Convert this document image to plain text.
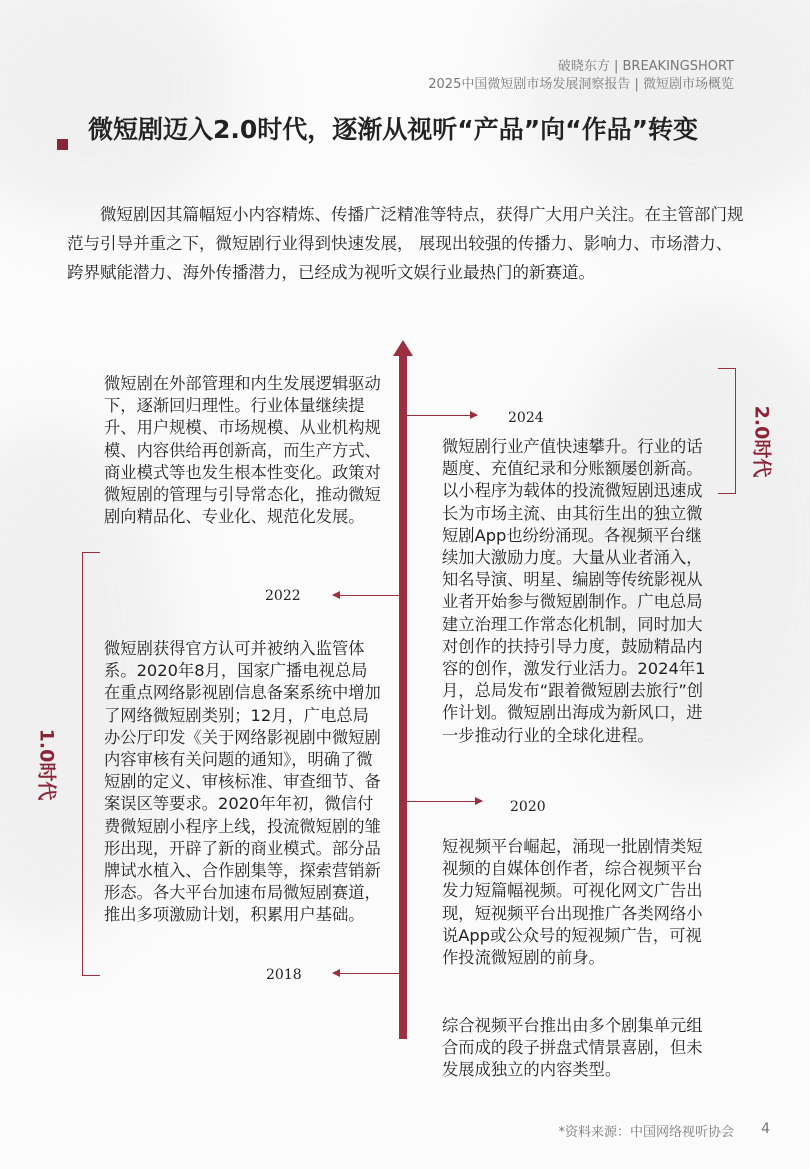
破晓东方 | BREAKINGSHORT
2025中国微短剧市场发展洞察报告 | 微短剧市场概览
微短剧迈入2.0时代，逐渐从视听“产品”向“作品”转变

微短剧因其篇幅短小内容精炼、传播广泛精准等特点，获得广大用户关注。在主管部门规范与引导并重之下，微短剧行业得到快速发展， 展现出较强的传播力、影响力、市场潜力、跨界赋能潜力、海外传播潜力，已经成为视听文娱行业最热门的新赛道。

2024
2022
2020
2018

微短剧在外部管理和内生发展逻辑驱动下，逐渐回归理性。行业体量继续提升、用户规模、市场规模、从业机构规模、内容供给再创新高，而生产方式、商业模式等也发生根本性变化。政策对微短剧的管理与引导常态化，推动微短剧向精品化、专业化、规范化发展。

微短剧行业产值快速攀升。行业的话题度、充值纪录和分账额屡创新高。以小程序为载体的投流微短剧迅速成长为市场主流、由其衍生出的独立微短剧App也纷纷涌现。各视频平台继续加大激励力度。大量从业者涌入，知名导演、明星、编剧等传统影视从业者开始参与微短剧制作。广电总局建立治理工作常态化机制，同时加大对创作的扶持引导力度，鼓励精品内容的创作，激发行业活力。2024年1月，总局发布“跟着微短剧去旅行”创作计划。微短剧出海成为新风口，进一步推动行业的全球化进程。

微短剧获得官方认可并被纳入监管体系。2020年8月，国家广播电视总局在重点网络影视剧信息备案系统中增加了网络微短剧类别；12月，广电总局办公厅印发《关于网络影视剧中微短剧内容审核有关问题的通知》，明确了微短剧的定义、审核标准、审查细节、备案误区等要求。2020年年初，微信付费微短剧小程序上线，投流微短剧的雏形出现，开辟了新的商业模式。部分品牌试水植入、合作剧集等，探索营销新形态。各大平台加速布局微短剧赛道，推出多项激励计划，积累用户基础。

短视频平台崛起，涌现一批剧情类短视频的自媒体创作者，综合视频平台发力短篇幅视频。可视化网文广告出现，短视频平台出现推广各类网络小说App或公众号的短视频广告，可视作投流微短剧的前身。

综合视频平台推出由多个剧集单元组合而成的段子拼盘式情景喜剧，但未发展成独立的内容类型。

2.0时代
1.0时代
*资料来源：中国网络视听协会 4
